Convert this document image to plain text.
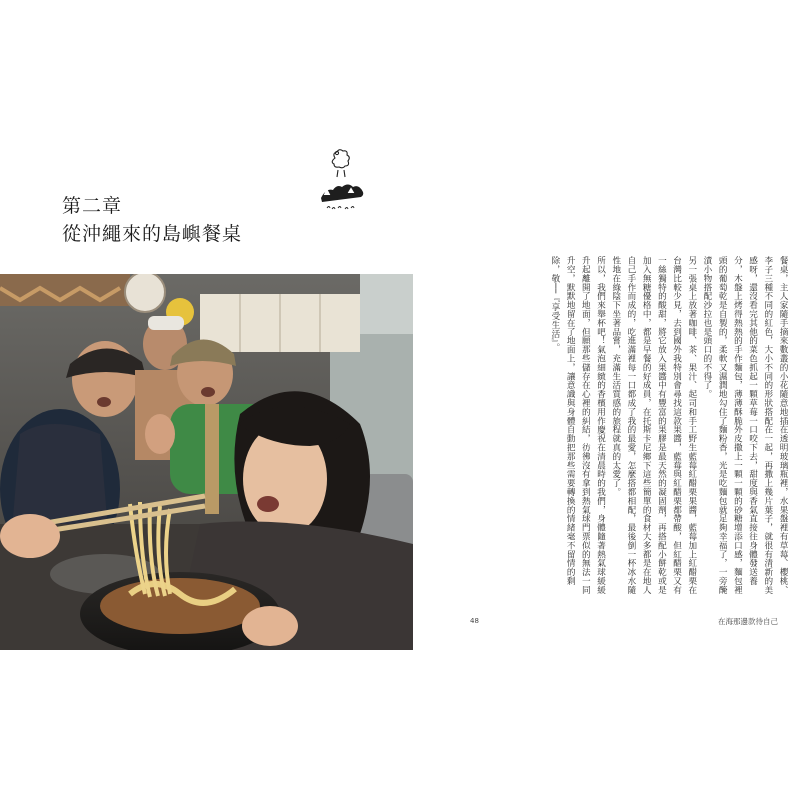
第二章
從沖繩來的島嶼餐桌

餐桌，主人家隨手摘來數叢的小花隨意地插在透明玻璃瓶裡，水果盤裡有草莓、櫻桃、李子三種不同的紅色，大小不同的形狀搭配在一起，再撒上幾片葉子，就很有清新的美感呀，還沒看完其他的菜色抓起一顆草莓一口咬下去，甜度與香氣直接往身體發送養分，木盤上烤得熱熱的手作麵包，薄薄酥脆外皮撒上一顆一顆的砂糖增添口感，麵包裡頭的葡萄乾是自製的，柔軟又濕潤地勾住了麵粉香，光是吃麵包就足夠幸福了，一旁醃漬小物搭配沙拉也是頭口的不得了。

另一張桌上放著咖啡、茶、果汁、起司和手工野生藍莓紅醋栗果醬，藍莓加上紅醋栗在台灣比較少見，去到國外我特別會尋找這款果醬，藍莓與紅醋栗都帶酸，但紅醋栗又有一絲獨特的酸甜，將它放入果醬中有豐富的果膠是最天然的凝固劑，再搭配小餅乾或是加入無糖優格中，都是早餐的好成員，在托斯卡尼鄉下這些簡單的食材大多都是在地人自己手作而成的，吃進滿裡每一口都成了我的最愛，怎麼搭都相配，最後倒一杯冰水隨性地在綠陰下坐著品嘗，充滿生活質感的旅程就真的太愛了。

所以，我們來舉杯吧！氣泡細緻的香檳用作慶祝在清晨時的我們，身體隨著熱氣球緩緩升起離開了地面，但願那些儲存在心裡的糾結，彷彿沒有拿到熱氣球門票似的無法一同升空，默默地留在了地面上，讓意識與身體自動把那些需要轉換的情緒毫不留情的剩除，敬──『享受生活』。

48	在海那邊款待自己
